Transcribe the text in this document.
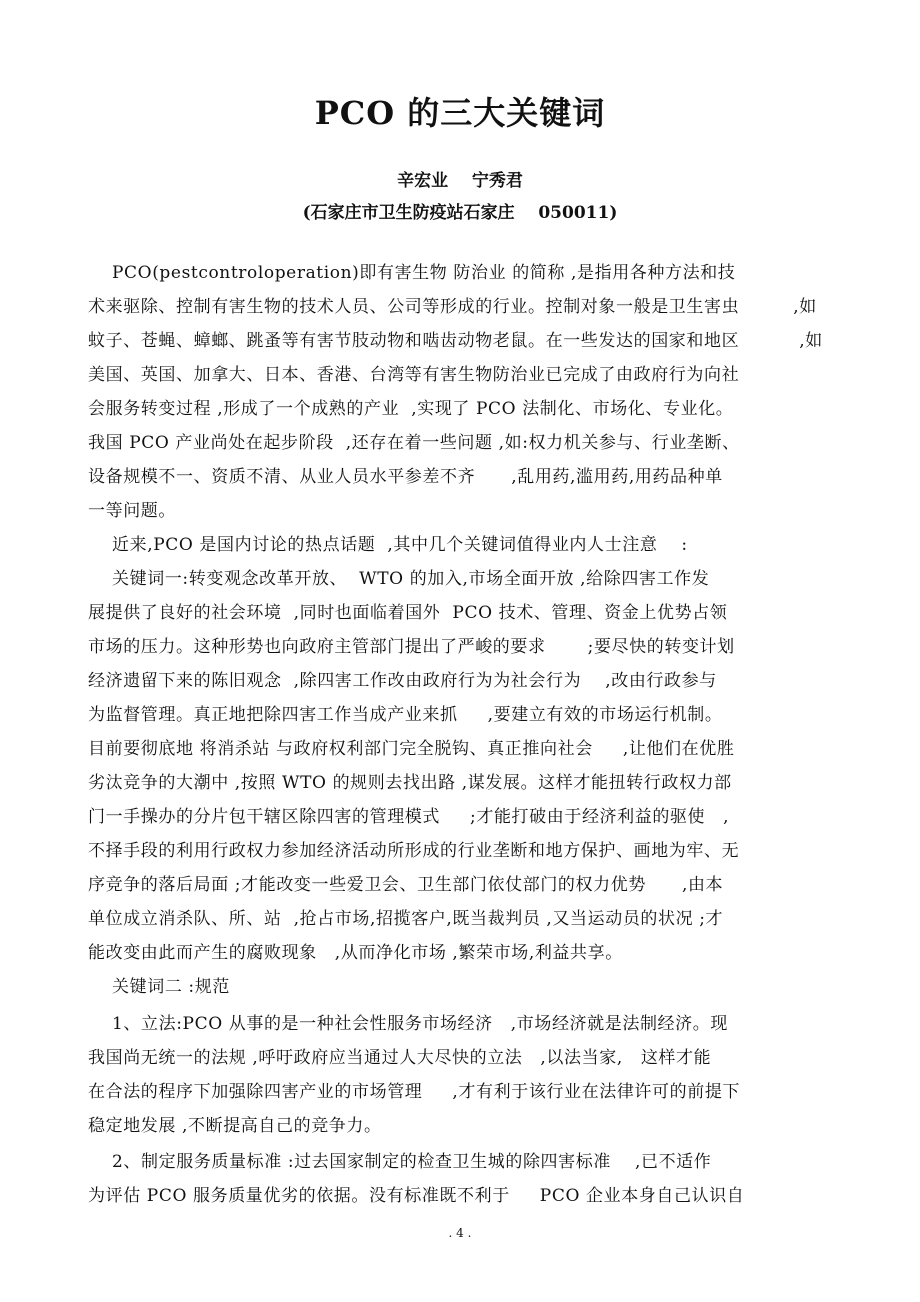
PCO 的三大关键词
辛宏业    宁秀君
(石家庄市卫生防疫站石家庄    050011)
PCO(pestcontroloperation)即有害生物 防治业 的简称 ,是指用各种方法和技
术来驱除、控制有害生物的技术人员、公司等形成的行业。控制对象一般是卫生害虫         ,如
蚊子、苍蝇、蟑螂、跳蚤等有害节肢动物和啮齿动物老鼠。在一些发达的国家和地区          ,如
美国、英国、加拿大、日本、香港、台湾等有害生物防治业已完成了由政府行为向社
会服务转变过程 ,形成了一个成熟的产业  ,实现了 PCO 法制化、市场化、专业化。
我国 PCO 产业尚处在起步阶段  ,还存在着一些问题 ,如:权力机关参与、行业垄断、
设备规模不一、资质不清、从业人员水平参差不齐      ,乱用药,滥用药,用药品种单
一等问题。
近来,PCO 是国内讨论的热点话题  ,其中几个关键词值得业内人士注意    :
关键词一:转变观念改革开放、  WTO 的加入,市场全面开放 ,给除四害工作发
展提供了良好的社会环境  ,同时也面临着国外  PCO 技术、管理、资金上优势占领
市场的压力。这种形势也向政府主管部门提出了严峻的要求       ;要尽快的转变计划
经济遗留下来的陈旧观念  ,除四害工作改由政府行为为社会行为    ,改由行政参与
为监督管理。真正地把除四害工作当成产业来抓     ,要建立有效的市场运行机制。
目前要彻底地 将消杀站 与政府权利部门完全脱钩、真正推向社会     ,让他们在优胜
劣汰竞争的大潮中 ,按照 WTO 的规则去找出路 ,谋发展。这样才能扭转行政权力部
门一手操办的分片包干辖区除四害的管理模式     ;才能打破由于经济利益的驱使   ,
不择手段的利用行政权力参加经济活动所形成的行业垄断和地方保护、画地为牢、无
序竞争的落后局面 ;才能改变一些爱卫会、卫生部门依仗部门的权力优势      ,由本
单位成立消杀队、所、站  ,抢占市场,招揽客户,既当裁判员 ,又当运动员的状况 ;才
能改变由此而产生的腐败现象   ,从而净化市场 ,繁荣市场,利益共享。
关键词二 :规范
1、立法:PCO 从事的是一种社会性服务市场经济   ,市场经济就是法制经济。现
我国尚无统一的法规 ,呼吁政府应当通过人大尽快的立法   ,以法当家,   这样才能
在合法的程序下加强除四害产业的市场管理     ,才有利于该行业在法律许可的前提下
稳定地发展 ,不断提高自己的竞争力。
2、制定服务质量标准 :过去国家制定的检查卫生城的除四害标准    ,已不适作
为评估 PCO 服务质量优劣的依据。没有标准既不利于     PCO 企业本身自己认识自
. 4 .
